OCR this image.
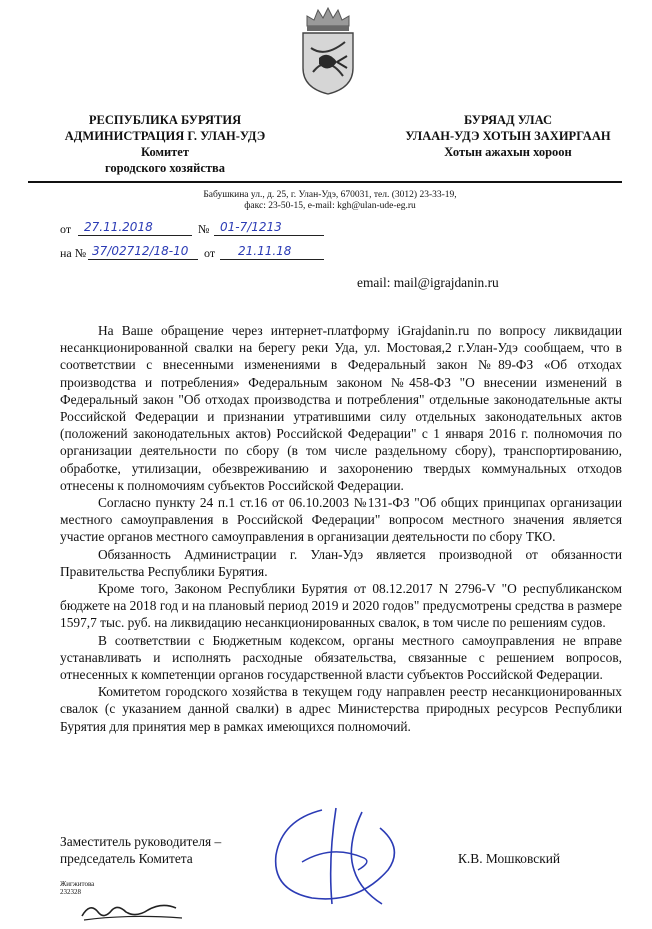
РЕСПУБЛИКА БУРЯТИЯ
АДМИНИСТРАЦИЯ Г. УЛАН-УДЭ
Комитет
городского хозяйства
БУРЯАД УЛАС
УЛААН-УДЭ ХОТЫН ЗАХИРГААН
Хотын ажахын хороон
Бабушкина ул., д. 25, г. Улан-Удэ, 670031, тел. (3012) 23-33-19,
факс: 23-50-15, e-mail: kgh@ulan-ude-eg.ru
от	27.11.2018	№ 01-7/1213
на № 37/02712/18-10	от	21.11.18
email: mail@igrajdanin.ru

На Ваше обращение через интернет-платформу iGrajdanin.ru по вопросу ликвидации несанкционированной свалки на берегу реки Уда, ул. Мостовая,2 г.Улан-Удэ сообщаем, что в соответствии с внесенными изменениями в Федеральный закон №89-ФЗ «Об отходах производства и потребления» Федеральным законом №458-ФЗ "О внесении изменений в Федеральный закон "Об отходах производства и потребления" отдельные законодательные акты Российской Федерации и признании утратившими силу отдельных законодательных актов (положений законодательных актов) Российской Федерации" с 1 января 2016 г. полномочия по организации деятельности по сбору (в том числе раздельному сбору), транспортированию, обработке, утилизации, обезвреживанию и захоронению твердых коммунальных отходов отнесены к полномочиям субъектов Российской Федерации.

Согласно пункту 24 п.1 ст.16 от 06.10.2003 №131-ФЗ "Об общих принципах организации местного самоуправления в Российской Федерации" вопросом местного значения является участие органов местного самоуправления в организации деятельности по сбору ТКО.

Обязанность Администрации г. Улан-Удэ является производной от обязанности Правительства Республики Бурятия.

Кроме того, Законом Республики Бурятия от 08.12.2017 N 2796-V "О республиканском бюджете на 2018 год и на плановый период 2019 и 2020 годов" предусмотрены средства в размере 1597,7 тыс. руб. на ликвидацию несанкционированных свалок, в том числе по решениям судов.

В соответствии с Бюджетным кодексом, органы местного самоуправления не вправе устанавливать и исполнять расходные обязательства, связанные с решением вопросов, отнесенных к компетенции органов государственной власти субъектов Российской Федерации.

Комитетом городского хозяйства в текущем году направлен реестр несанкционированных свалок (с указанием данной свалки) в адрес Министерства природных ресурсов Республики Бурятия для принятия мер в рамках имеющихся полномочий.

Заместитель руководителя –
председатель Комитета	К.В. Мошковский
Жигжитова
232328
